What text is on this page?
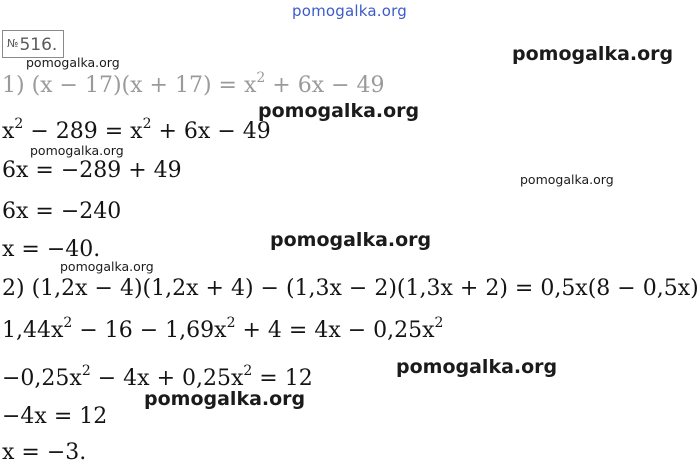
pomogalka.org
№516.
pomogalka.org	pomogalka.org
pomogalka.org
pomogalka.org
pomogalka.org
pomogalka.org
pomogalka.org
pomogalka.org
pomogalka.org
1) $(x - 17)(x + 17) = x^2 + 6x - 49$
$x^2 - 289 = x^2 + 6x - 49$
6x = −289 + 49
6x = −240
x = −40.
2) (1,2x − 4)(1,2x + 4) − (1,3x − 2)(1,3x + 2) = 0,5x(8 − 0,5x)
$1,44x^2 - 16 - 1,69x^2 + 4 = 4x - 0,25x^2$
$-0,25x^2 - 4x + 0,25x^2 = 12$
−4x = 12
x = −3.
